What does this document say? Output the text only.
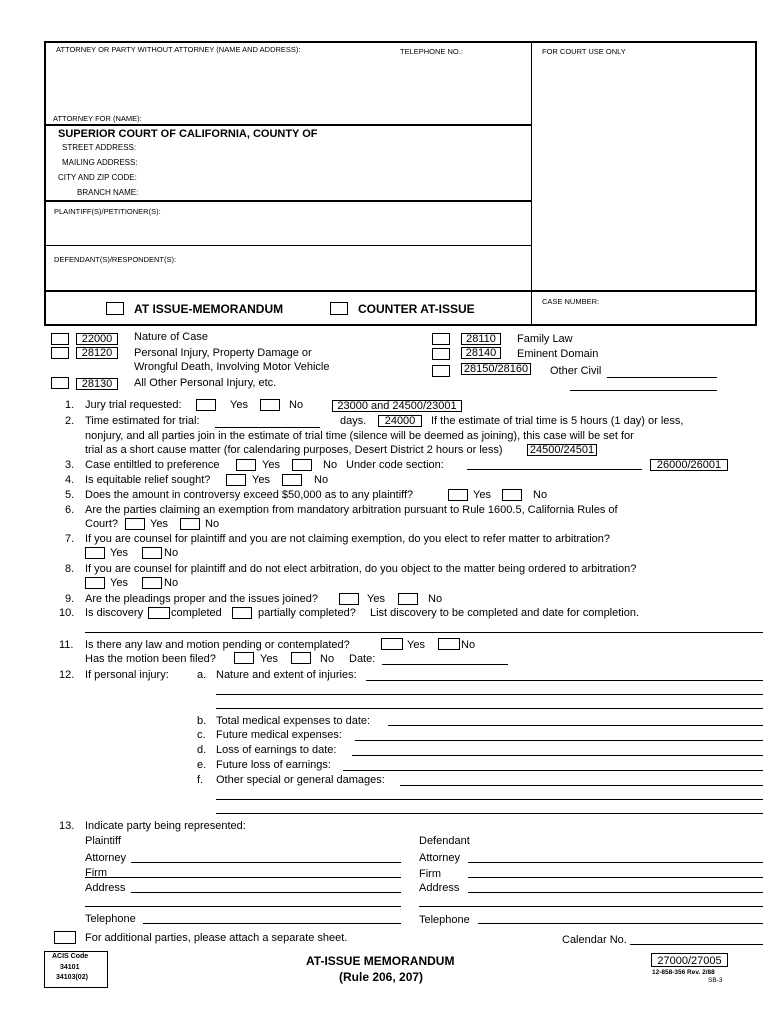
ATTORNEY OR PARTY WITHOUT ATTORNEY (NAME AND ADDRESS):	TELEPHONE NO.:	FOR COURT USE ONLY
ATTORNEY FOR (NAME):
SUPERIOR COURT OF CALIFORNIA, COUNTY OF
STREET ADDRESS:
MAILING ADDRESS:
CITY AND ZIP CODE:
BRANCH NAME:
PLAINTIFF(S)/PETITIONER(S):
DEFENDANT(S)/RESPONDENT(S):
AT ISSUE-MEMORANDUM	COUNTER AT-ISSUE
CASE NUMBER:
22000	Nature of Case
28120	Personal Injury, Property Damage or
Wrongful Death, Involving Motor Vehicle
28130	All Other Personal Injury, etc.
28110	Family Law
28140	Eminent Domain
28150/28160 Other Civil
1. Jury trial requested:	Yes	No	23000 and 24500/23001
2. Time estimated for trial:	days.	24000	If the estimate of trial time is 5 hours (1 day) or less,
nonjury, and all parties join in the estimate of trial time (silence will be deemed as joining), this case will be set for
trial as a short cause matter (for calendaring purposes, Desert District 2 hours or less) 24500/24501
3. Case entiltled to preference	Yes	No Under code section:	26000/26001
4. Is equitable relief sought?	Yes	No
5. Does the amount in controversy exceed $50,000 as to any plaintiff?	Yes	No
6. Are the parties claiming an exemption from mandatory arbitration pursuant to Rule 1600.5, California Rules of
Court?	Yes	No
7. If you are counsel for plaintiff and you are not claiming exemption, do you elect to refer matter to arbitration?
Yes	No
8. If you are counsel for plaintiff and do not elect arbitration, do you object to the matter being ordered to arbitration?
Yes	No
9. Are the pleadings proper and the issues joined?	Yes	No
10. Is discovery	completed	partially completed? List discovery to be completed and date for completion.
11. Is there any law and motion pending or contemplated?	Yes	No
Has the motion been filed?	Yes	No Date:
12. If personal injury:	a. Nature and extent of injuries:
b. Total medical expenses to date:
c. Future medical expenses:
d. Loss of earnings to date:
e. Future loss of earnings:
f. Other special or general damages:
13. Indicate party being represented:
Plaintiff	Defendant
Attorney	Attorney
Firm	Firm
Address	Address
Telephone	Telephone
For additional parties, please attach a separate sheet.	Calendar No.
ACIS Code
34101
34103(02)
AT-ISSUE MEMORANDUM
(Rule 206, 207)
27000/27005
12-858-356 Rev. 2/88
SB-3
